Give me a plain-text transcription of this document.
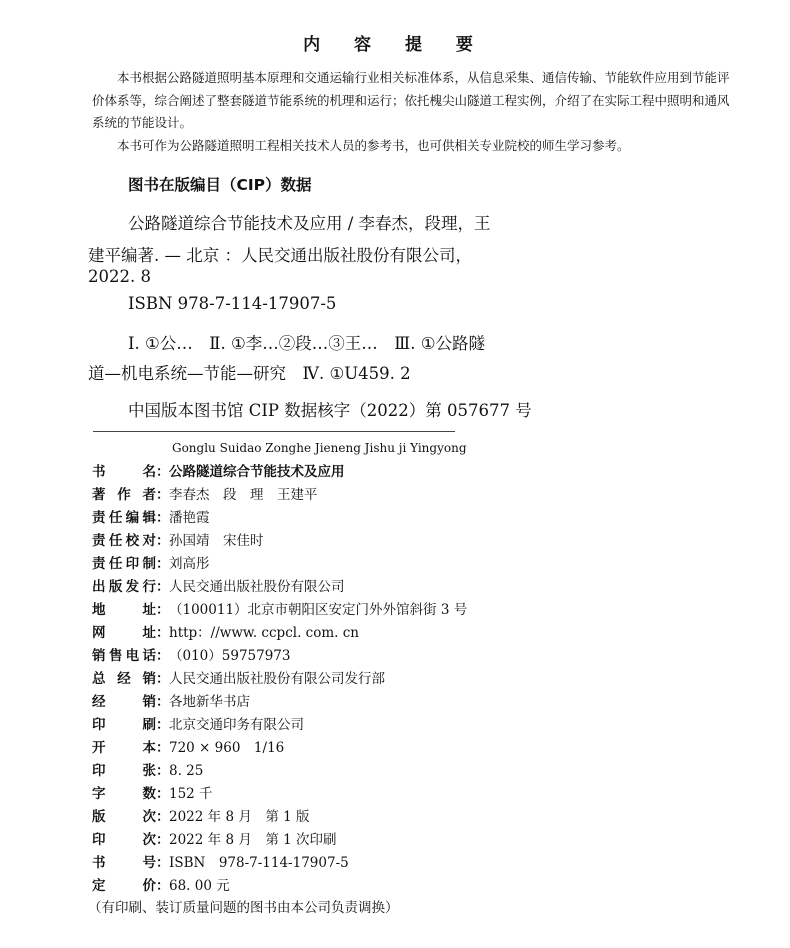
内 容 提 要

本书根据公路隧道照明基本原理和交通运输行业相关标准体系，从信息采集、通信传输、节能软件应用到节能评价体系等，综合阐述了整套隧道节能系统的机理和运行；依托槐尖山隧道工程实例，介绍了在实际工程中照明和通风系统的节能设计。

本书可作为公路隧道照明工程相关技术人员的参考书，也可供相关专业院校的师生学习参考。

图书在版编目（CIP）数据
公路隧道综合节能技术及应用 / 李春杰，段理，王
建平编著. — 北京 ：人民交通出版社股份有限公司，
2022. 8
ISBN 978-7-114-17907-5
Ⅰ. ①公…　Ⅱ. ①李…②段…③王…　Ⅲ. ①公路隧
道—机电系统—节能—研究　Ⅳ. ①U459. 2
中国版本图书馆 CIP 数据核字（2022）第 057677 号
Gonglu Suidao Zonghe Jieneng Jishu ji Yingyong
书名 ： 公路隧道综合节能技术及应用
著作者 ： 李春杰　段　理　王建平
责任编辑 ： 潘艳霞
责任校对 ： 孙国靖　宋佳时
责任印制 ： 刘高彤
出版发行 ： 人民交通出版社股份有限公司
地址 ： （100011）北京市朝阳区安定门外外馆斜街 3 号
网址 ： http：//www. ccpcl. com. cn
销售电话 ： （010）59757973
总经销 ： 人民交通出版社股份有限公司发行部
经销 ： 各地新华书店
印刷 ： 北京交通印务有限公司
开本 ： 720 × 960　1/16
印张 ： 8. 25
字数 ： 152 千
版次 ： 2022 年 8 月　第 1 版
印次 ： 2022 年 8 月　第 1 次印刷
书号 ： ISBN　978-7-114-17907-5
定价 ： 68. 00 元
（有印刷、装订质量问题的图书由本公司负责调换）
